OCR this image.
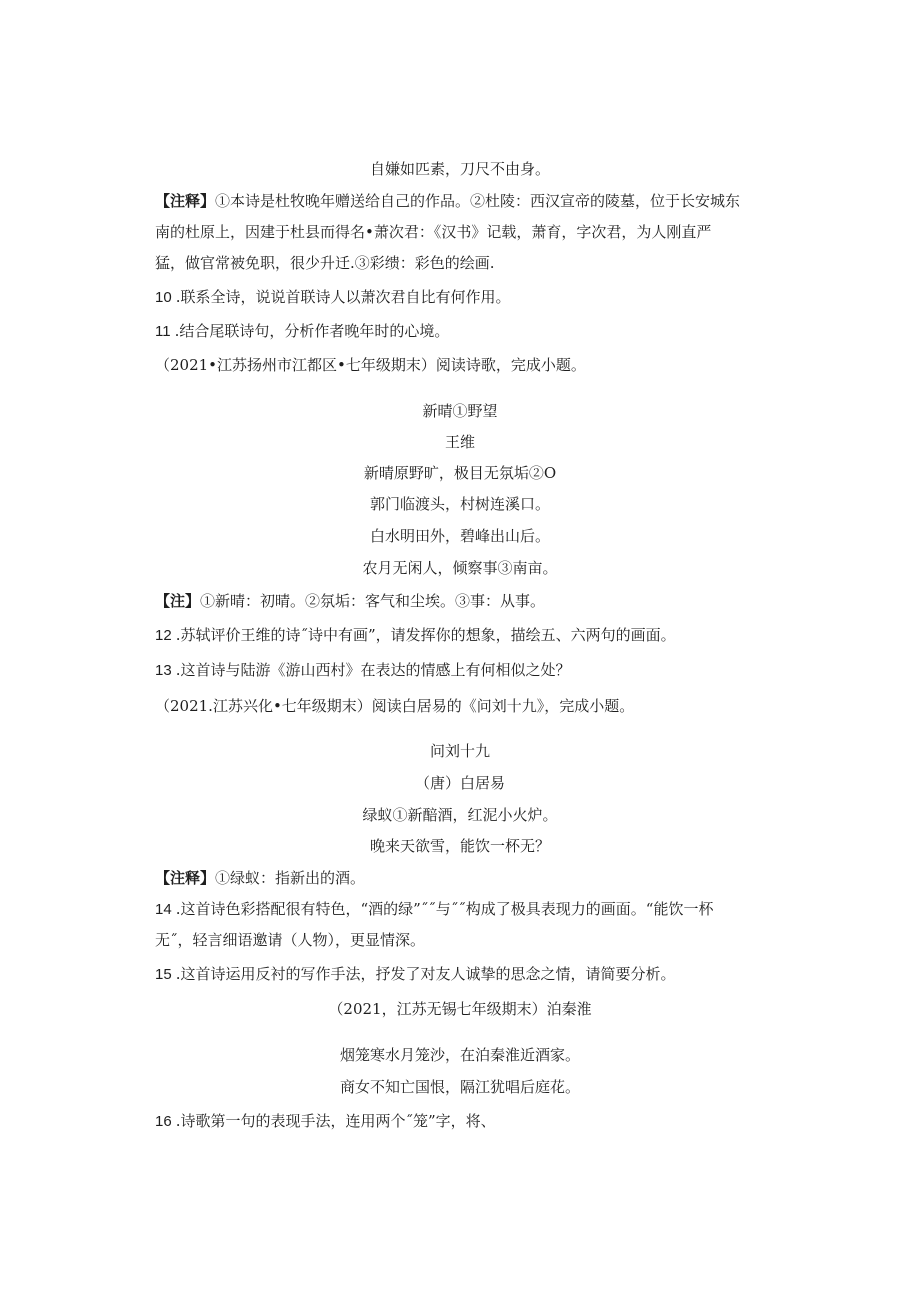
自嫌如匹素，刀尺不由身。
【注释】①本诗是杜牧晚年赠送给自己的作品。②杜陵：西汉宣帝的陵墓，位于长安城东
南的杜原上，因建于杜县而得名•萧次君：《汉书》记载，萧育，字次君，为人刚直严
猛，做官常被免职，很少升迁.③彩缋：彩色的绘画.
10 .联系全诗，说说首联诗人以萧次君自比有何作用。
11 .结合尾联诗句，分析作者晚年时的心境。
（2021•江苏扬州市江都区•七年级期末）阅读诗歌，完成小题。
新晴①野望
王维
新晴原野旷，极目无氛垢②O
郭门临渡头，村树连溪口。
白水明田外，碧峰出山后。
农月无闲人，倾察事③南亩。
【注】①新晴：初晴。②氛垢：客气和尘埃。③事：从事。
12 .苏轼评价王维的诗˝诗中有画”，请发挥你的想象，描绘五、六两句的画面。
13 .这首诗与陆游《游山西村》在表达的情感上有何相似之处？
（2021.江苏兴化•七年级期末）阅读白居易的《问刘十九》，完成小题。
问刘十九
（唐）白居易
绿蚁①新醅酒，红泥小火炉。
晚来天欲雪，能饮一杯无？
【注释】①绿蚁：指新出的酒。
14 .这首诗色彩搭配很有特色，“酒的绿”˝˝与˝˝构成了极具表现力的画面。“能饮一杯
无˝，轻言细语邀请（人物），更显情深。
15 .这首诗运用反衬的写作手法，抒发了对友人诚挚的思念之情，请简要分析。
（2021，江苏无锡七年级期末）泊秦淮
烟笼寒水月笼沙，在泊秦淮近酒家。
商女不知亡国恨，隔江犹唱后庭花。
16 .诗歌第一句的表现手法，连用两个˝笼”字，将、
